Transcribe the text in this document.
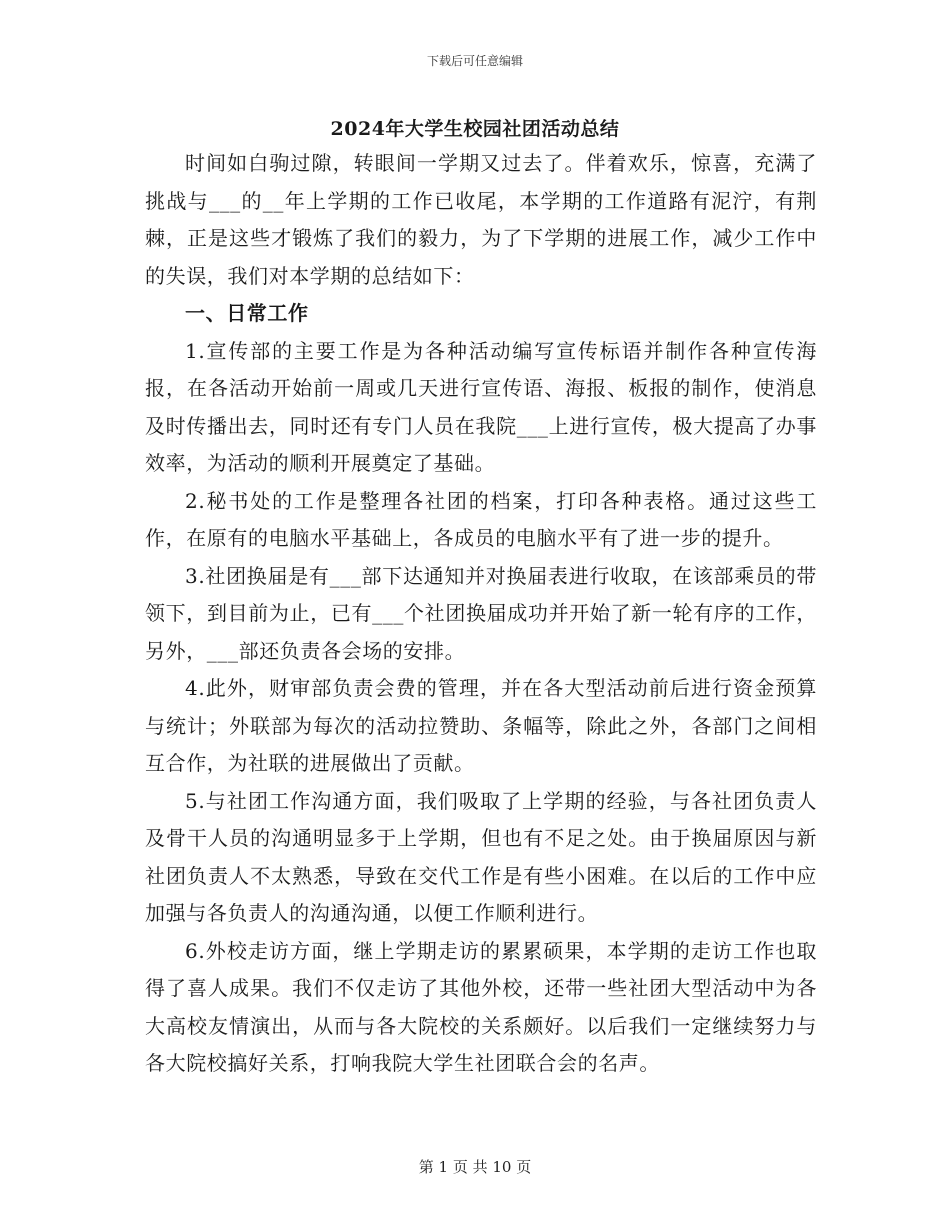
下载后可任意编辑
2024年大学生校园社团活动总结

时间如白驹过隙，转眼间一学期又过去了。伴着欢乐，惊喜，充满了挑战与___的__年上学期的工作已收尾，本学期的工作道路有泥泞，有荆棘，正是这些才锻炼了我们的毅力，为了下学期的进展工作，减少工作中的失误，我们对本学期的总结如下：

一、日常工作

1.宣传部的主要工作是为各种活动编写宣传标语并制作各种宣传海报，在各活动开始前一周或几天进行宣传语、海报、板报的制作，使消息及时传播出去，同时还有专门人员在我院___上进行宣传，极大提高了办事效率，为活动的顺利开展奠定了基础。

2.秘书处的工作是整理各社团的档案，打印各种表格。通过这些工作，在原有的电脑水平基础上，各成员的电脑水平有了进一步的提升。

3.社团换届是有___部下达通知并对换届表进行收取，在该部乘员的带领下，到目前为止，已有___个社团换届成功并开始了新一轮有序的工作，另外，___部还负责各会场的安排。

4.此外，财审部负责会费的管理，并在各大型活动前后进行资金预算与统计；外联部为每次的活动拉赞助、条幅等，除此之外，各部门之间相互合作，为社联的进展做出了贡献。

5.与社团工作沟通方面，我们吸取了上学期的经验，与各社团负责人及骨干人员的沟通明显多于上学期，但也有不足之处。由于换届原因与新社团负责人不太熟悉，导致在交代工作是有些小困难。在以后的工作中应加强与各负责人的沟通沟通，以便工作顺利进行。

6.外校走访方面，继上学期走访的累累硕果，本学期的走访工作也取得了喜人成果。我们不仅走访了其他外校，还带一些社团大型活动中为各大高校友情演出，从而与各大院校的关系颇好。以后我们一定继续努力与各大院校搞好关系，打响我院大学生社团联合会的名声。

第 1 页 共 10 页
